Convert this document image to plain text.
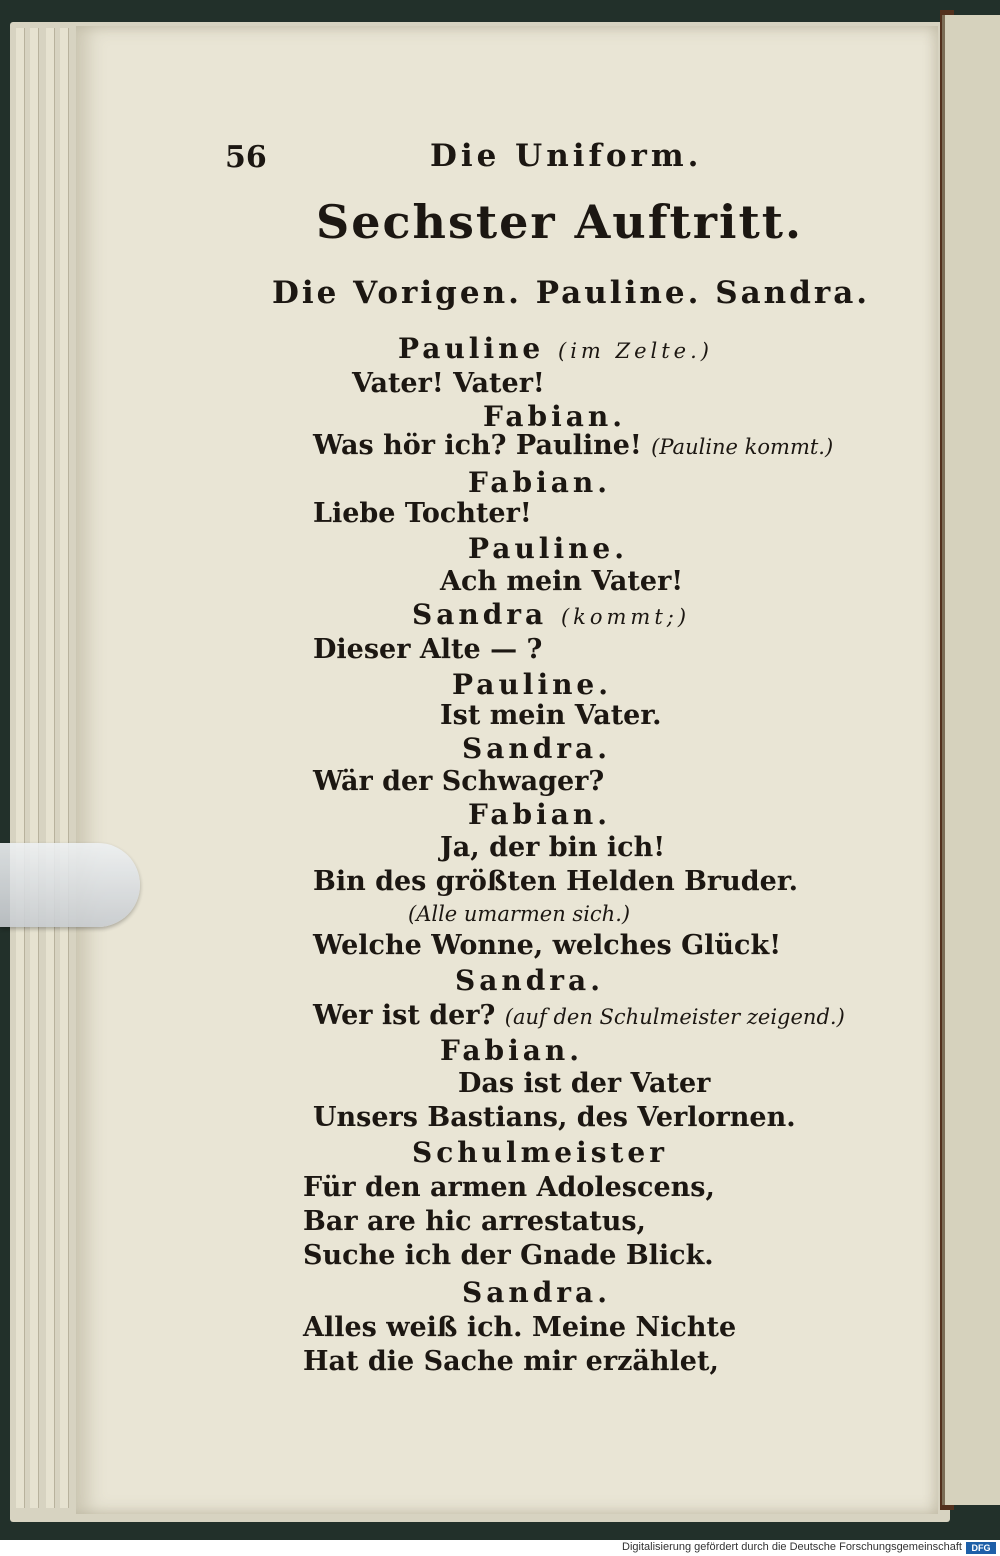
56	Die Uniform.
Sechster Auftritt.
Die Vorigen. Pauline. Sandra.
Pauline (im Zelte.)
Vater! Vater!
Fabian.
Was hör ich? Pauline! (Pauline kommt.)
Fabian.
Liebe Tochter!
Pauline.
Ach mein Vater!
Sandra (kommt;)
Dieser Alte — ?
Pauline.
Ist mein Vater.
Sandra.
Wär der Schwager?
Fabian.
Ja, der bin ich!
Bin des größten Helden Bruder.
(Alle umarmen sich.)
Welche Wonne, welches Glück!
Sandra.
Wer ist der? (auf den Schulmeister zeigend.)
Fabian.
Das ist der Vater
Unsers Bastians, des Verlornen.
Schulmeister
Für den armen Adolescens,
Bar are hic arrestatus,
Suche ich der Gnade Blick.
Sandra.
Alles weiß ich. Meine Nichte
Hat die Sache mir erzählet,
Digitalisierung gefördert durch die Deutsche Forschungsgemeinschaft	DFG
